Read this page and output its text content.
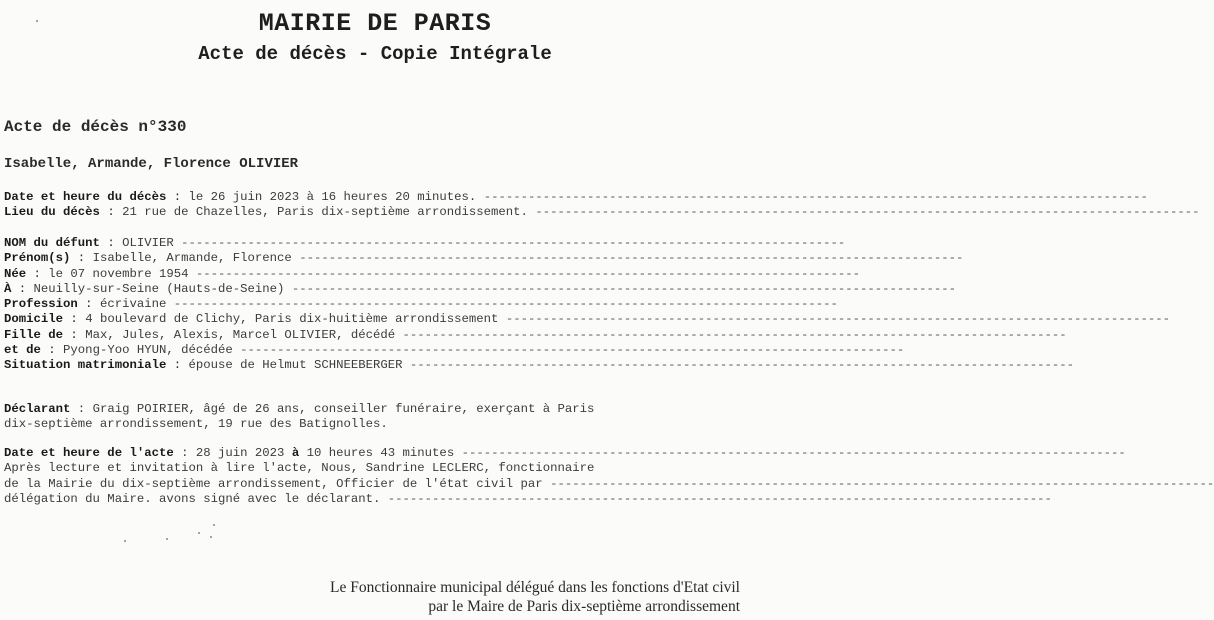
MAIRIE DE PARIS
Acte de décès - Copie Intégrale
Acte de décès n°330
Isabelle, Armande, Florence OLIVIER
Date et heure du décès : le 26 juin 2023 à 16 heures 20 minutes. ------------------------------------------------------------------------------------------
Lieu du décès : 21 rue de Chazelles, Paris dix-septième arrondissement. ------------------------------------------------------------------------------------------
NOM du défunt : OLIVIER ------------------------------------------------------------------------------------------
Prénom(s) : Isabelle, Armande, Florence ------------------------------------------------------------------------------------------
Née : le 07 novembre 1954 ------------------------------------------------------------------------------------------
À : Neuilly-sur-Seine (Hauts-de-Seine) ------------------------------------------------------------------------------------------
Profession : écrivaine ------------------------------------------------------------------------------------------
Domicile : 4 boulevard de Clichy, Paris dix-huitième arrondissement ------------------------------------------------------------------------------------------
Fille de : Max, Jules, Alexis, Marcel OLIVIER, décédé ------------------------------------------------------------------------------------------
et de : Pyong-Yoo HYUN, décédée ------------------------------------------------------------------------------------------
Situation matrimoniale : épouse de Helmut SCHNEEBERGER ------------------------------------------------------------------------------------------
Déclarant : Graig POIRIER, âgé de 26 ans, conseiller funéraire, exerçant à Paris
dix-septième arrondissement, 19 rue des Batignolles.
Date et heure de l'acte : 28 juin 2023 à 10 heures 43 minutes ------------------------------------------------------------------------------------------
Après lecture et invitation à lire l'acte, Nous, Sandrine LECLERC, fonctionnaire
de la Mairie du dix-septième arrondissement, Officier de l'état civil par ------------------------------------------------------------------------------------------
délégation du Maire. avons signé avec le déclarant. ------------------------------------------------------------------------------------------
Le Fonctionnaire municipal délégué dans les fonctions d'Etat civil
par le Maire de Paris dix-septième arrondissement
